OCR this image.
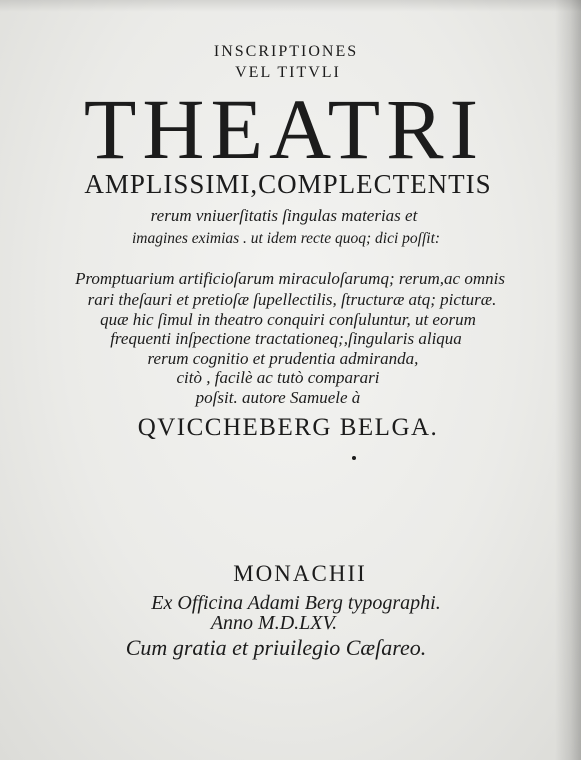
INSCRIPTIONES
VEL TITVLI
THEATRI
AMPLISSIMI,COMPLECTENTIS
rerum vniuerſitatis ſingulas materias et
imagines eximias . ut idem recte quoq; dici poſſit:
Promptuarium artificioſarum miraculoſarumq; rerum,ac omnis
rari theſauri et pretioſæ ſupellectilis, ſtructuræ atq; picturæ.
quæ hic ſimul in theatro conquiri conſuluntur, ut eorum
frequenti inſpectione tractationeq;,ſingularis aliqua
rerum cognitio et prudentia admiranda,
citò , facilè ac tutò comparari
poſsit. autore Samuele à
QVICCHEBERG BELGA.
MONACHII
Ex Officina Adami Berg typographi.
Anno M.D.LXV.
Cum gratia et priuilegio Cæſareo.
